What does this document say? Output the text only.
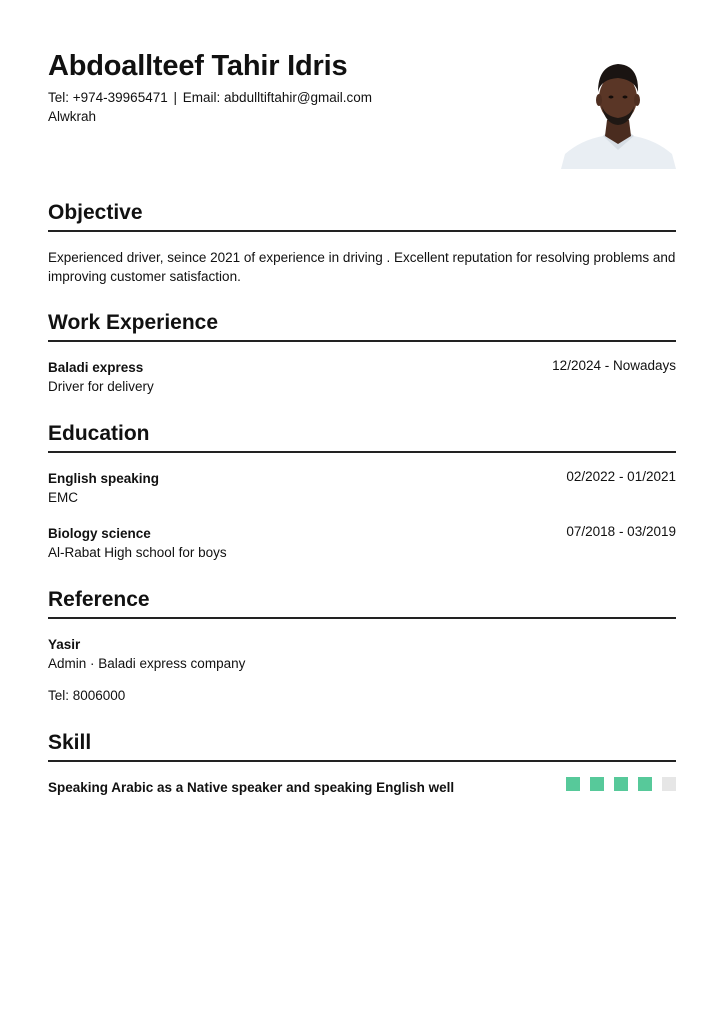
Abdoallteef Tahir Idris
Tel: +974-39965471 | Email: abdulltiftahir@gmail.com
Alwkrah
Objective
Experienced driver, seince 2021 of experience in driving . Excellent reputation for resolving problems and improving customer satisfaction.
Work Experience
Baladi express	12/2024 - Nowadays
Driver for delivery
Education
English speaking	02/2022 - 01/2021
EMC
Biology science	07/2018 - 03/2019
Al-Rabat High school for boys
Reference
Yasir
Admin · Baladi express company
Tel: 8006000
Skill
Speaking Arabic as a Native speaker and speaking English well
